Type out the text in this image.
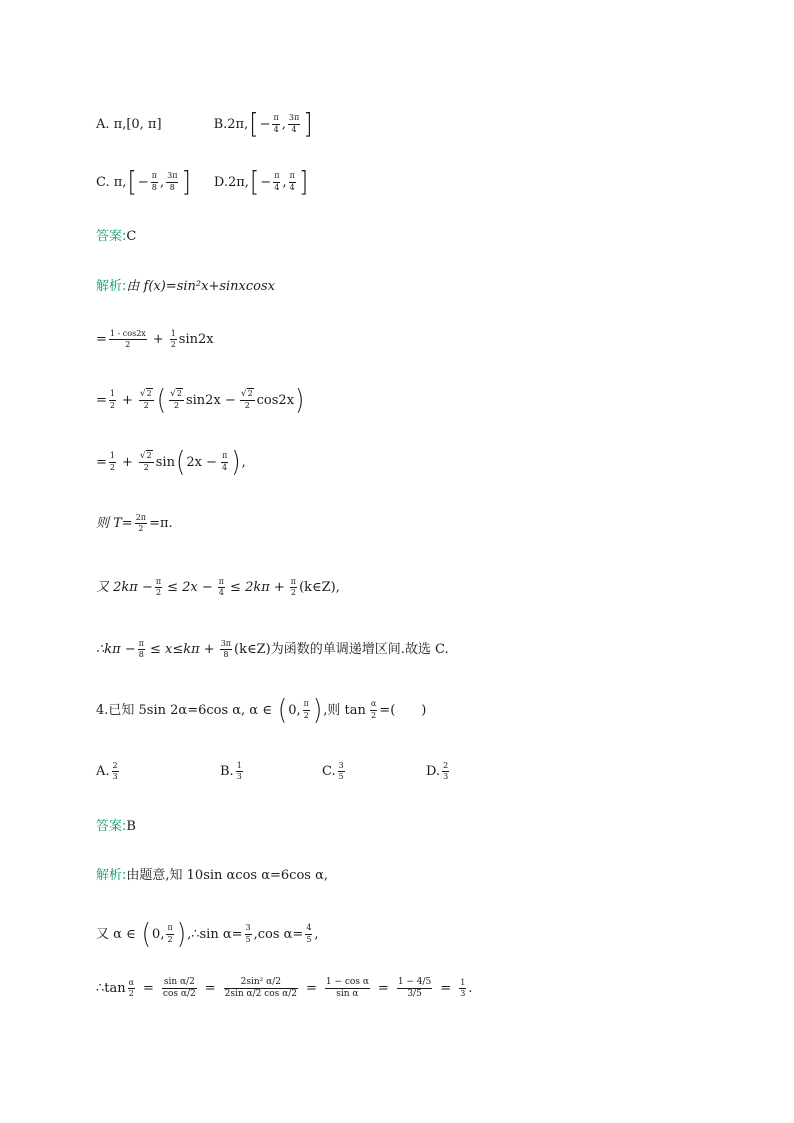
A. π,[0, π]	B.2π, [ − $\frac{\pi}{4}$ , $\frac{3\pi}{4}$ ]
C. π, [ − $\frac{\pi}{8}$ , $\frac{3\pi}{8}$ ] D.2π, [ − $\frac{\pi}{4}$ , $\frac{\pi}{4}$ ]
答案: C
解析: 由 f(x)=sin²x+sinxcosx
= $\frac{1 - \cos 2x}{2} + \frac{1}{2} \sin 2x$
= $\frac{1}{2} + \frac{√2}{2}$ ( $\frac{√2}{2} \sin 2x - \frac{√2}{2} \cos 2x$ )
= $\frac{1}{2} + \frac{√2}{2}$ sin ( $2x - \frac{\pi}{4}$ ) ,
则 $T= \frac{2\pi}{2} =\pi$.
又 $2k\pi - \frac{\pi}{2} \le 2x - \frac{\pi}{4} \le 2k\pi + \frac{\pi}{2}$ (k∈Z),
∴kπ − $\frac{\pi}{8} \le x\le k\pi + \frac{3\pi}{8}$ (k∈Z)为函数的单调递增区间.故选 C.
4.已知 5sin 2α=6cos α, α ∈ ( 0, $\frac{\pi}{2}$ ) ,则 $\tan \frac{\alpha}{2}$ =(　　)
A. $\frac{2}{3}$	B. $\frac{1}{3}$	C. $\frac{3}{5}$	D. $\frac{2}{3}$
答案: B
解析: 由题意,知 10sin αcos α=6cos α,
又 α ∈ ( 0, $\frac{\pi}{2}$ ) ,∴sin $\alpha= \frac{3}{5} ,\cos$ $\alpha= \frac{4}{5}$ ,
∴tan $\frac{\alpha}{2} = \frac{\text{sin α/2}}{\text{cos α/2}} = \frac{\text{2sin² α/2}}{\text{2sin α/2 cos α/2}} = \frac{\text{1 − cos α}}{\text{sin α}} = \frac{1 - 4/5}{3/5} = \frac{1}{3}$ .
